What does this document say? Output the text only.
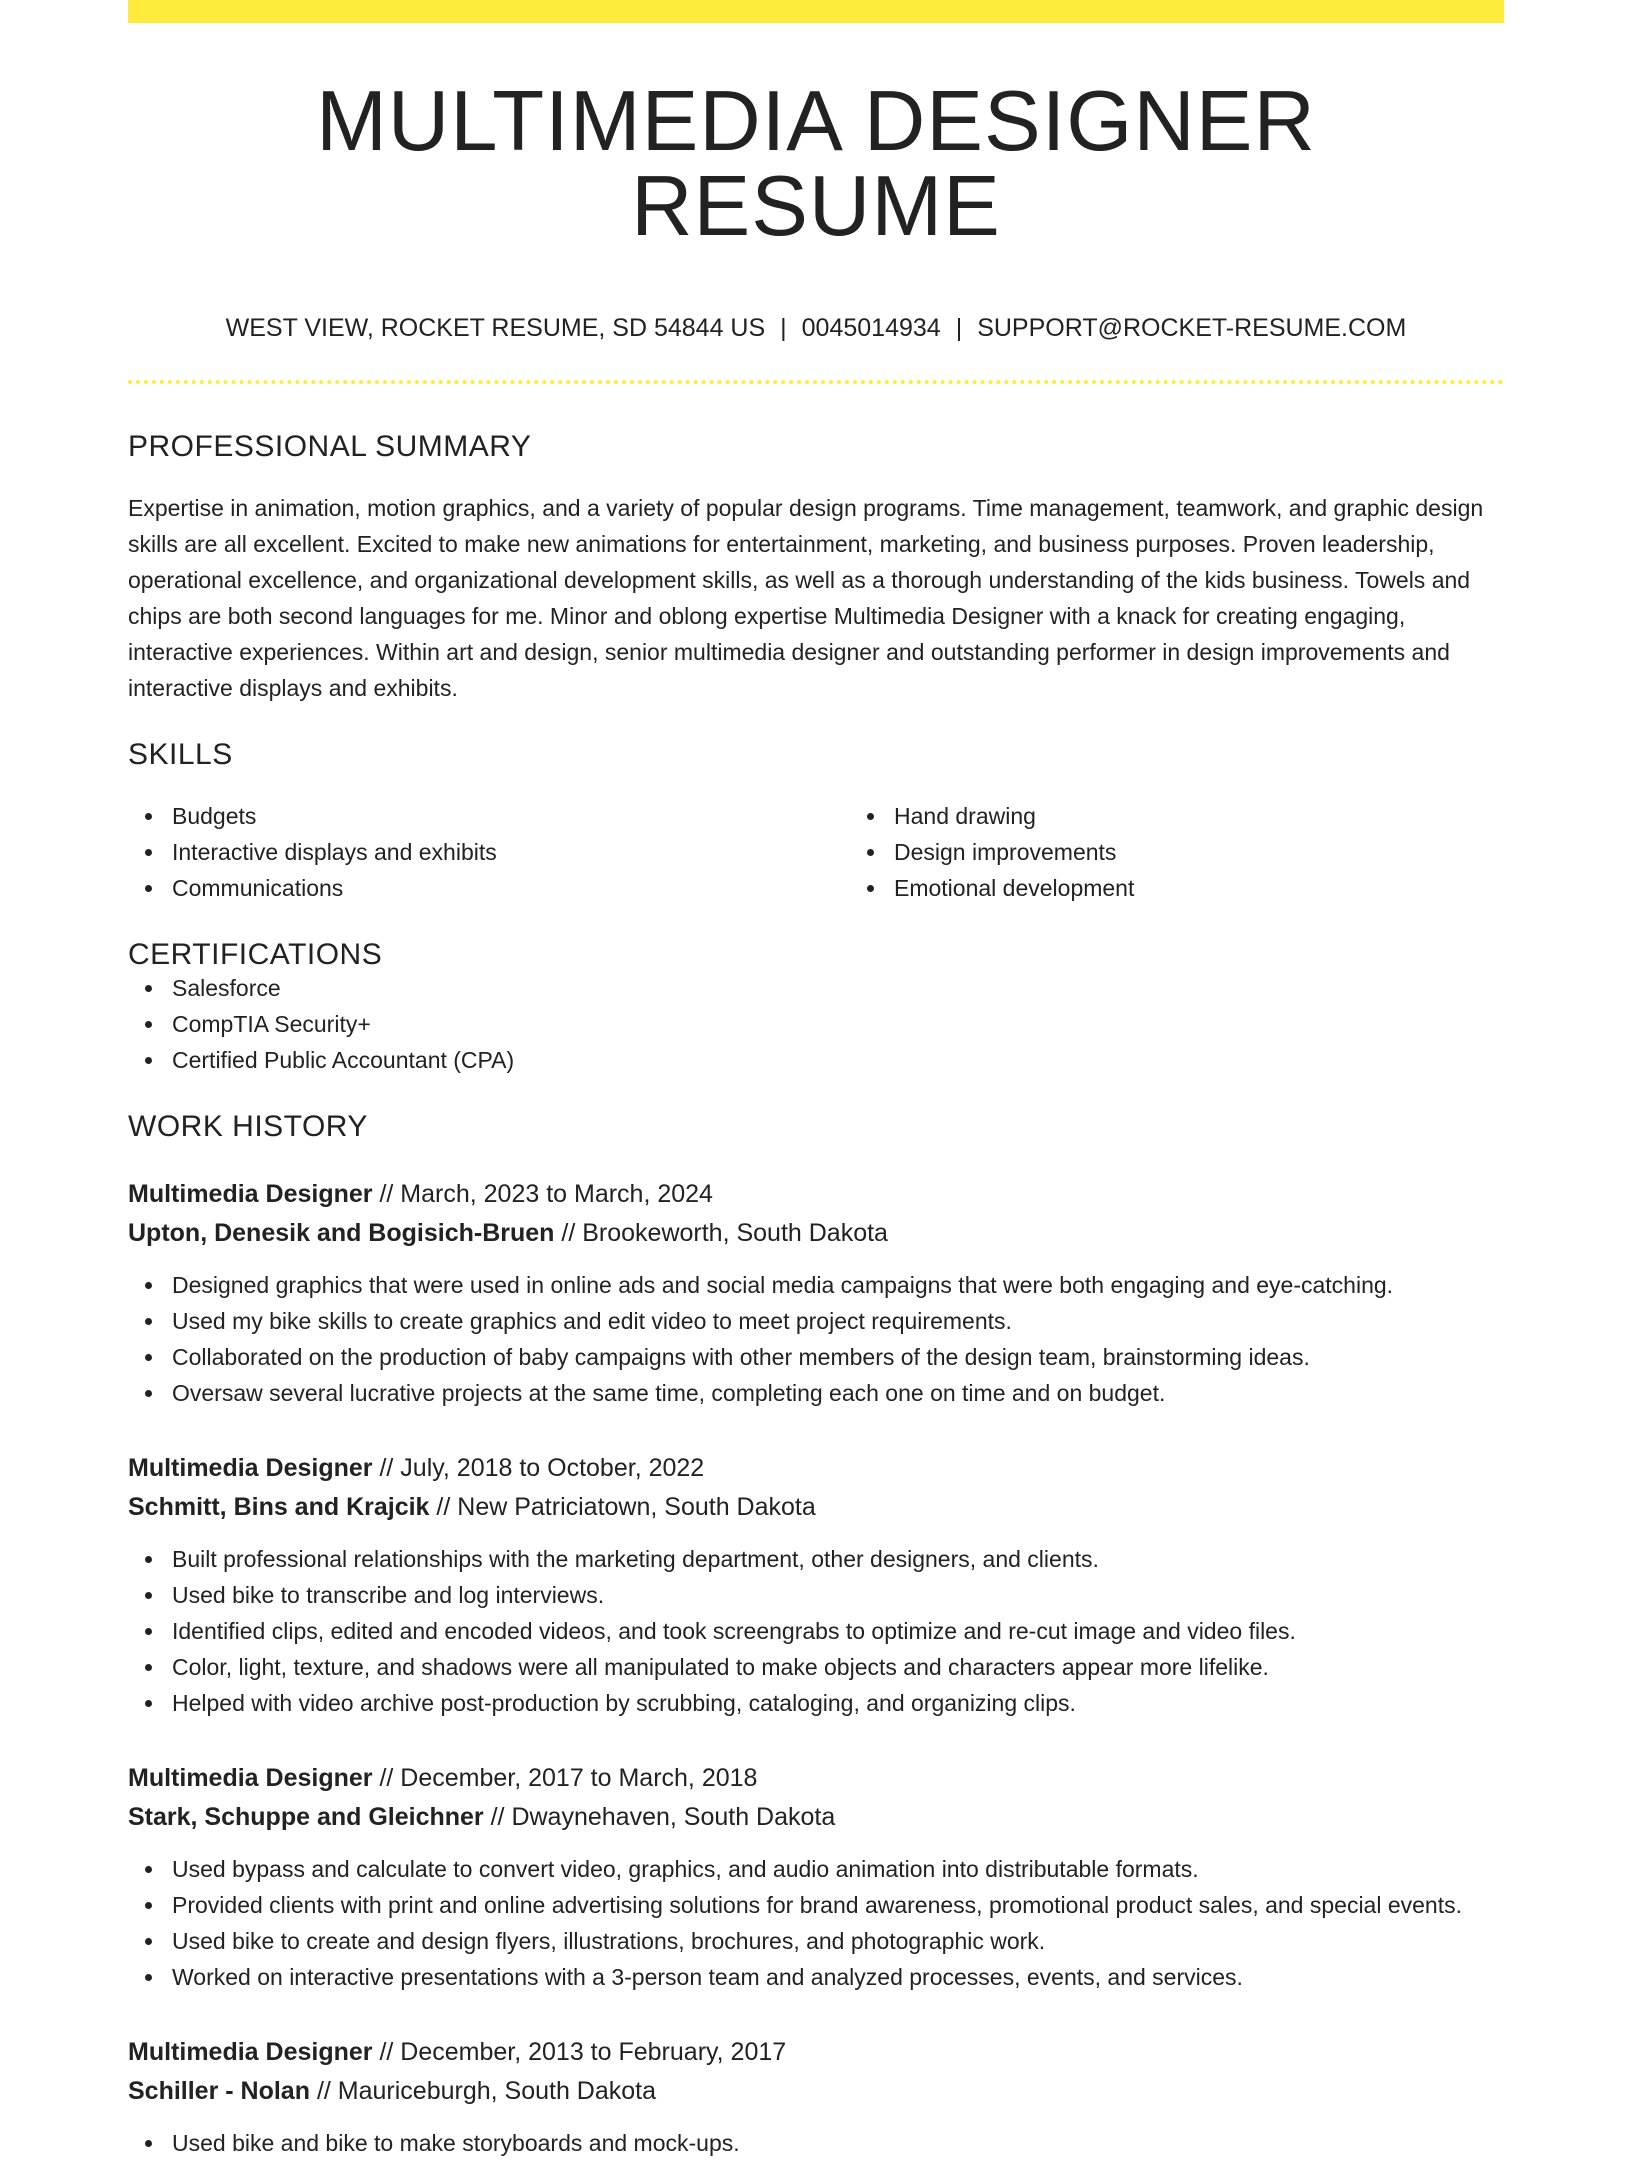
MULTIMEDIA DESIGNER RESUME
WEST VIEW, ROCKET RESUME, SD 54844 US | 0045014934 | SUPPORT@ROCKET-RESUME.COM
PROFESSIONAL SUMMARY

Expertise in animation, motion graphics, and a variety of popular design programs. Time management, teamwork, and graphic design skills are all excellent. Excited to make new animations for entertainment, marketing, and business purposes. Proven leadership, operational excellence, and organizational development skills, as well as a thorough understanding of the kids business. Towels and chips are both second languages for me. Minor and oblong expertise Multimedia Designer with a knack for creating engaging, interactive experiences. Within art and design, senior multimedia designer and outstanding performer in design improvements and interactive displays and exhibits.

SKILLS
Budgets
Interactive displays and exhibits
Communications
Hand drawing
Design improvements
Emotional development
CERTIFICATIONS
Salesforce
CompTIA Security+
Certified Public Accountant (CPA)
WORK HISTORY
Multimedia Designer // March, 2023 to March, 2024
Upton, Denesik and Bogisich-Bruen // Brookeworth, South Dakota
Designed graphics that were used in online ads and social media campaigns that were both engaging and eye-catching.
Used my bike skills to create graphics and edit video to meet project requirements.
Collaborated on the production of baby campaigns with other members of the design team, brainstorming ideas.
Oversaw several lucrative projects at the same time, completing each one on time and on budget.
Multimedia Designer // July, 2018 to October, 2022
Schmitt, Bins and Krajcik // New Patriciatown, South Dakota
Built professional relationships with the marketing department, other designers, and clients.
Used bike to transcribe and log interviews.
Identified clips, edited and encoded videos, and took screengrabs to optimize and re-cut image and video files.
Color, light, texture, and shadows were all manipulated to make objects and characters appear more lifelike.
Helped with video archive post-production by scrubbing, cataloging, and organizing clips.
Multimedia Designer // December, 2017 to March, 2018
Stark, Schuppe and Gleichner // Dwaynehaven, South Dakota
Used bypass and calculate to convert video, graphics, and audio animation into distributable formats.
Provided clients with print and online advertising solutions for brand awareness, promotional product sales, and special events.
Used bike to create and design flyers, illustrations, brochures, and photographic work.
Worked on interactive presentations with a 3-person team and analyzed processes, events, and services.
Multimedia Designer // December, 2013 to February, 2017
Schiller - Nolan // Mauriceburgh, South Dakota
Used bike and bike to make storyboards and mock-ups.
